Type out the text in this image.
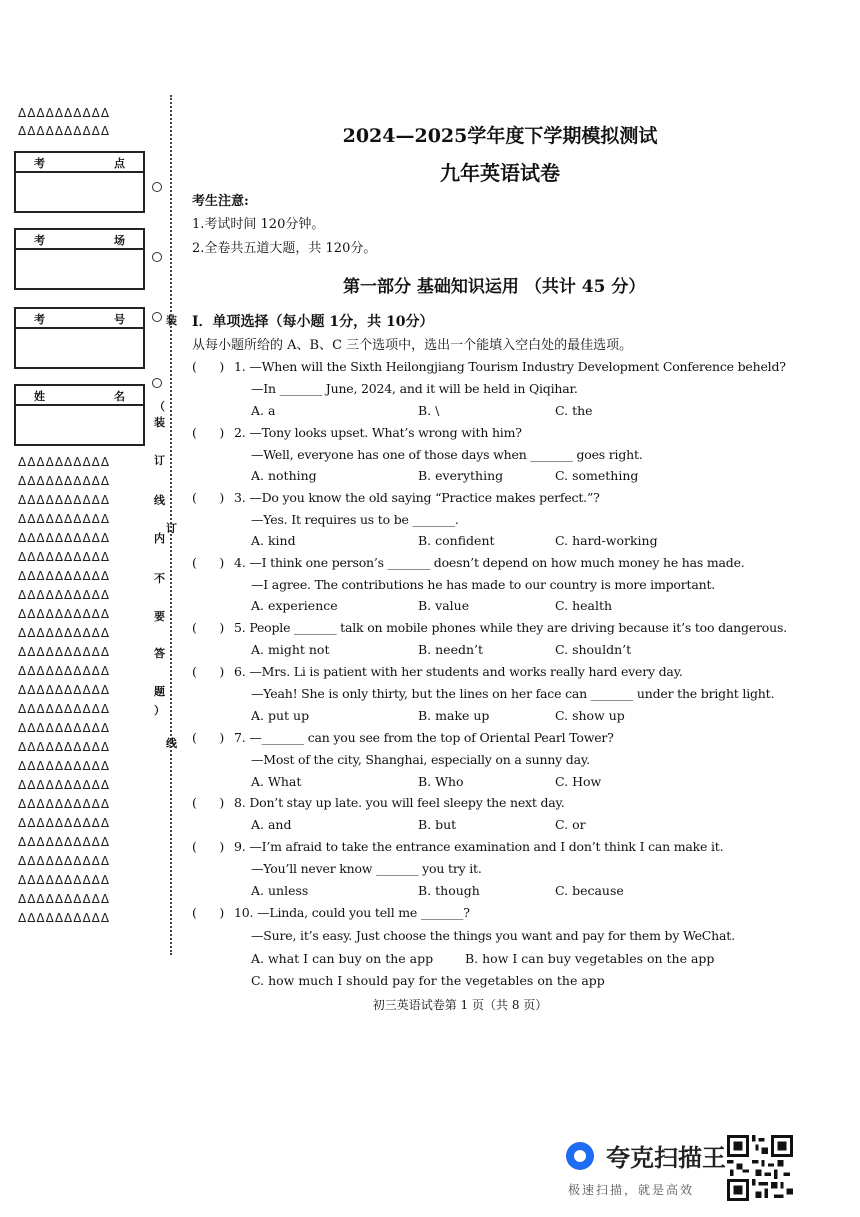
ΔΔΔΔΔΔΔΔΔΔ
ΔΔΔΔΔΔΔΔΔΔ
考	点
考	场
考	号
姓	名
ΔΔΔΔΔΔΔΔΔΔ
ΔΔΔΔΔΔΔΔΔΔ
ΔΔΔΔΔΔΔΔΔΔ
ΔΔΔΔΔΔΔΔΔΔ
ΔΔΔΔΔΔΔΔΔΔ
ΔΔΔΔΔΔΔΔΔΔ
ΔΔΔΔΔΔΔΔΔΔ
ΔΔΔΔΔΔΔΔΔΔ
ΔΔΔΔΔΔΔΔΔΔ
ΔΔΔΔΔΔΔΔΔΔ
ΔΔΔΔΔΔΔΔΔΔ
ΔΔΔΔΔΔΔΔΔΔ
ΔΔΔΔΔΔΔΔΔΔ
ΔΔΔΔΔΔΔΔΔΔ
ΔΔΔΔΔΔΔΔΔΔ
ΔΔΔΔΔΔΔΔΔΔ
ΔΔΔΔΔΔΔΔΔΔ
ΔΔΔΔΔΔΔΔΔΔ
ΔΔΔΔΔΔΔΔΔΔ
ΔΔΔΔΔΔΔΔΔΔ
ΔΔΔΔΔΔΔΔΔΔ
ΔΔΔΔΔΔΔΔΔΔ
ΔΔΔΔΔΔΔΔΔΔ
ΔΔΔΔΔΔΔΔΔΔ
ΔΔΔΔΔΔΔΔΔΔ
装
（
装
订
线
内
不
要
答
题
）
线
订
2024—2025学年度下学期模拟测试
九年英语试卷
考生注意:
1.考试时间 120分钟。
2.全卷共五道大题，共 120分。
第一部分 基础知识运用 （共计 45 分）
I．单项选择（每小题 1分，共 10分）
从每小题所给的 A、B、C 三个选项中，选出一个能填入空白处的最佳选项。
(      ) 1. —When will the Sixth Heilongjiang Tourism Industry Development Conference beheld?
—In _______ June, 2024, and it will be held in Qiqihar.
A. a	B. \	C. the
(      ) 2. —Tony looks upset. What’s wrong with him?
—Well, everyone has one of those days when _______ goes right.
A. nothing	B. everything	C. something
(      ) 3. —Do you know the old saying “Practice makes perfect.”?
—Yes. It requires us to be _______.
A. kind	B. confident	C. hard-working
(      ) 4. —I think one person’s _______ doesn’t depend on how much money he has made.
—I agree. The contributions he has made to our country is more important.
A. experience	B. value	C. health
(      ) 5. People _______ talk on mobile phones while they are driving because it’s too dangerous.
A. might not	B. needn’t	C. shouldn’t
(      ) 6. —Mrs. Li is patient with her students and works really hard every day.
—Yeah! She is only thirty, but the lines on her face can _______ under the bright light.
A. put up	B. make up	C. show up
(      ) 7. —_______ can you see from the top of Oriental Pearl Tower?
—Most of the city, Shanghai, especially on a sunny day.
A. What	B. Who	C. How
(      ) 8. Don’t stay up late. you will feel sleepy the next day.
A. and	B. but	C. or
(      ) 9. —I’m afraid to take the entrance examination and I don’t think I can make it.
—You’ll never know _______ you try it.
A. unless	B. though	C. because
(      ) 10. —Linda, could you tell me _______?
—Sure, it’s easy. Just choose the things you want and pay for them by WeChat.
A. what I can buy on the app	B. how I can buy vegetables on the app
C. how much I should pay for the vegetables on the app
初三英语试卷第 1 页（共 8 页）
夸克扫描王
极速扫描，就是高效
